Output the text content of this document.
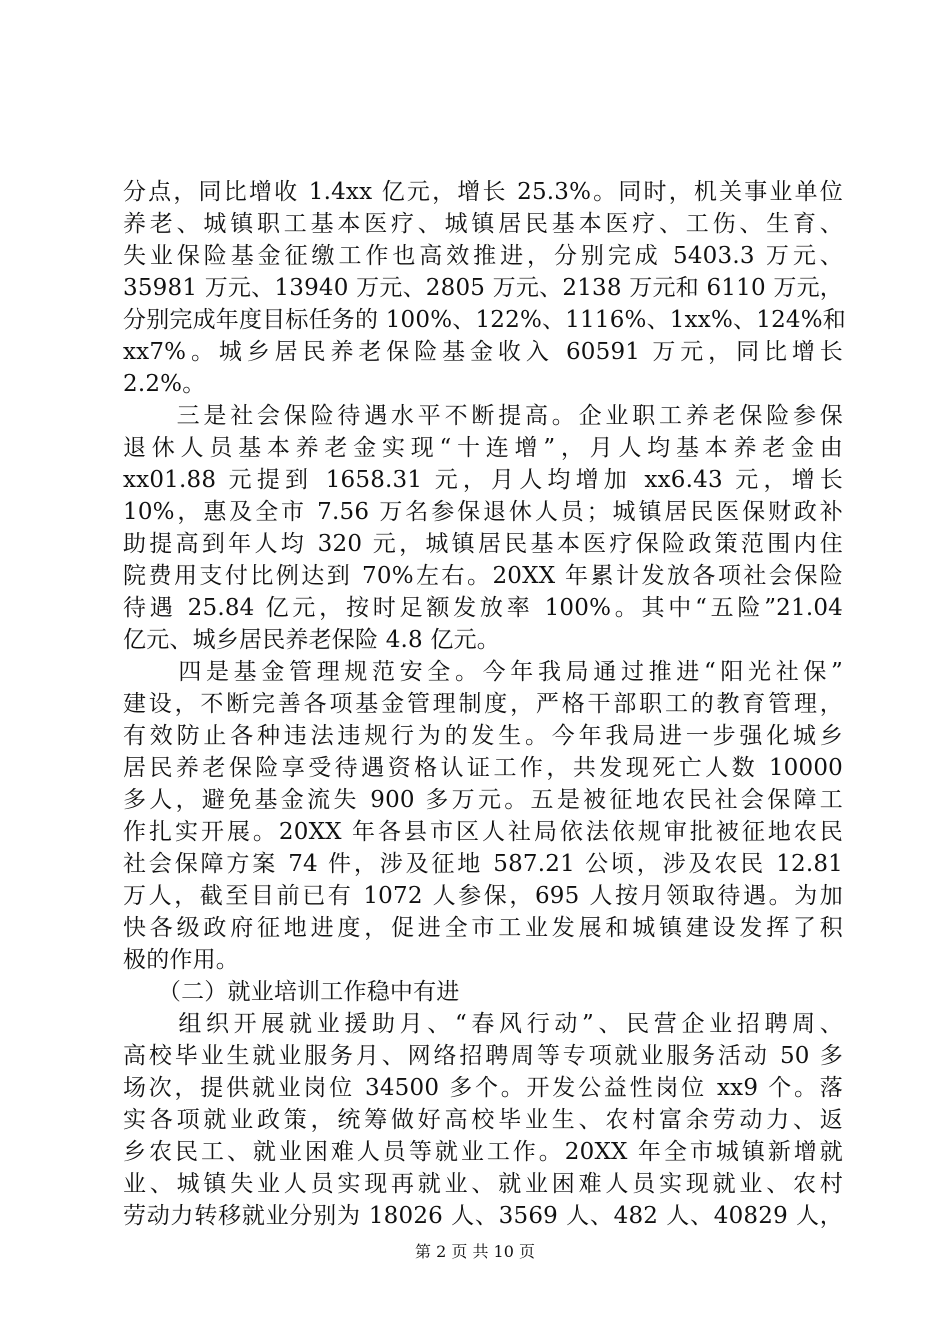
分点，同比增收 1.4xx 亿元，增长 25.3%。同时，机关事业单位
养老、城镇职工基本医疗、城镇居民基本医疗、工伤、生育、
失业保险基金征缴工作也高效推进，分别完成 5403.3 万元、
35981 万元、13940 万元、2805 万元、2138 万元和 6110 万元，
分别完成年度目标任务的 100%、122%、1116%、1xx%、124%和
xx7%。城乡居民养老保险基金收入 60591 万元，同比增长
2.2%。
　　三是社会保险待遇水平不断提高。企业职工养老保险参保
退休人员基本养老金实现“十连增”，月人均基本养老金由
xx01.88 元提到 1658.31 元，月人均增加 xx6.43 元，增长
10%，惠及全市 7.56 万名参保退休人员；城镇居民医保财政补
助提高到年人均 320 元，城镇居民基本医疗保险政策范围内住
院费用支付比例达到 70%左右。20XX 年累计发放各项社会保险
待遇 25.84 亿元，按时足额发放率 100%。其中“五险”21.04
亿元、城乡居民养老保险 4.8 亿元。
　　四是基金管理规范安全。今年我局通过推进“阳光社保”
建设，不断完善各项基金管理制度，严格干部职工的教育管理，
有效防止各种违法违规行为的发生。今年我局进一步强化城乡
居民养老保险享受待遇资格认证工作，共发现死亡人数 10000
多人，避免基金流失 900 多万元。五是被征地农民社会保障工
作扎实开展。20XX 年各县市区人社局依法依规审批被征地农民
社会保障方案 74 件，涉及征地 587.21 公顷，涉及农民 12.81
万人，截至目前已有 1072 人参保，695 人按月领取待遇。为加
快各级政府征地进度，促进全市工业发展和城镇建设发挥了积
极的作用。
　　（二）就业培训工作稳中有进
　　组织开展就业援助月、“春风行动”、民营企业招聘周、
高校毕业生就业服务月、网络招聘周等专项就业服务活动 50 多
场次，提供就业岗位 34500 多个。开发公益性岗位 xx9 个。落
实各项就业政策，统筹做好高校毕业生、农村富余劳动力、返
乡农民工、就业困难人员等就业工作。20XX 年全市城镇新增就
业、城镇失业人员实现再就业、就业困难人员实现就业、农村
劳动力转移就业分别为 18026 人、3569 人、482 人、40829 人，
第 2 页 共 10 页
